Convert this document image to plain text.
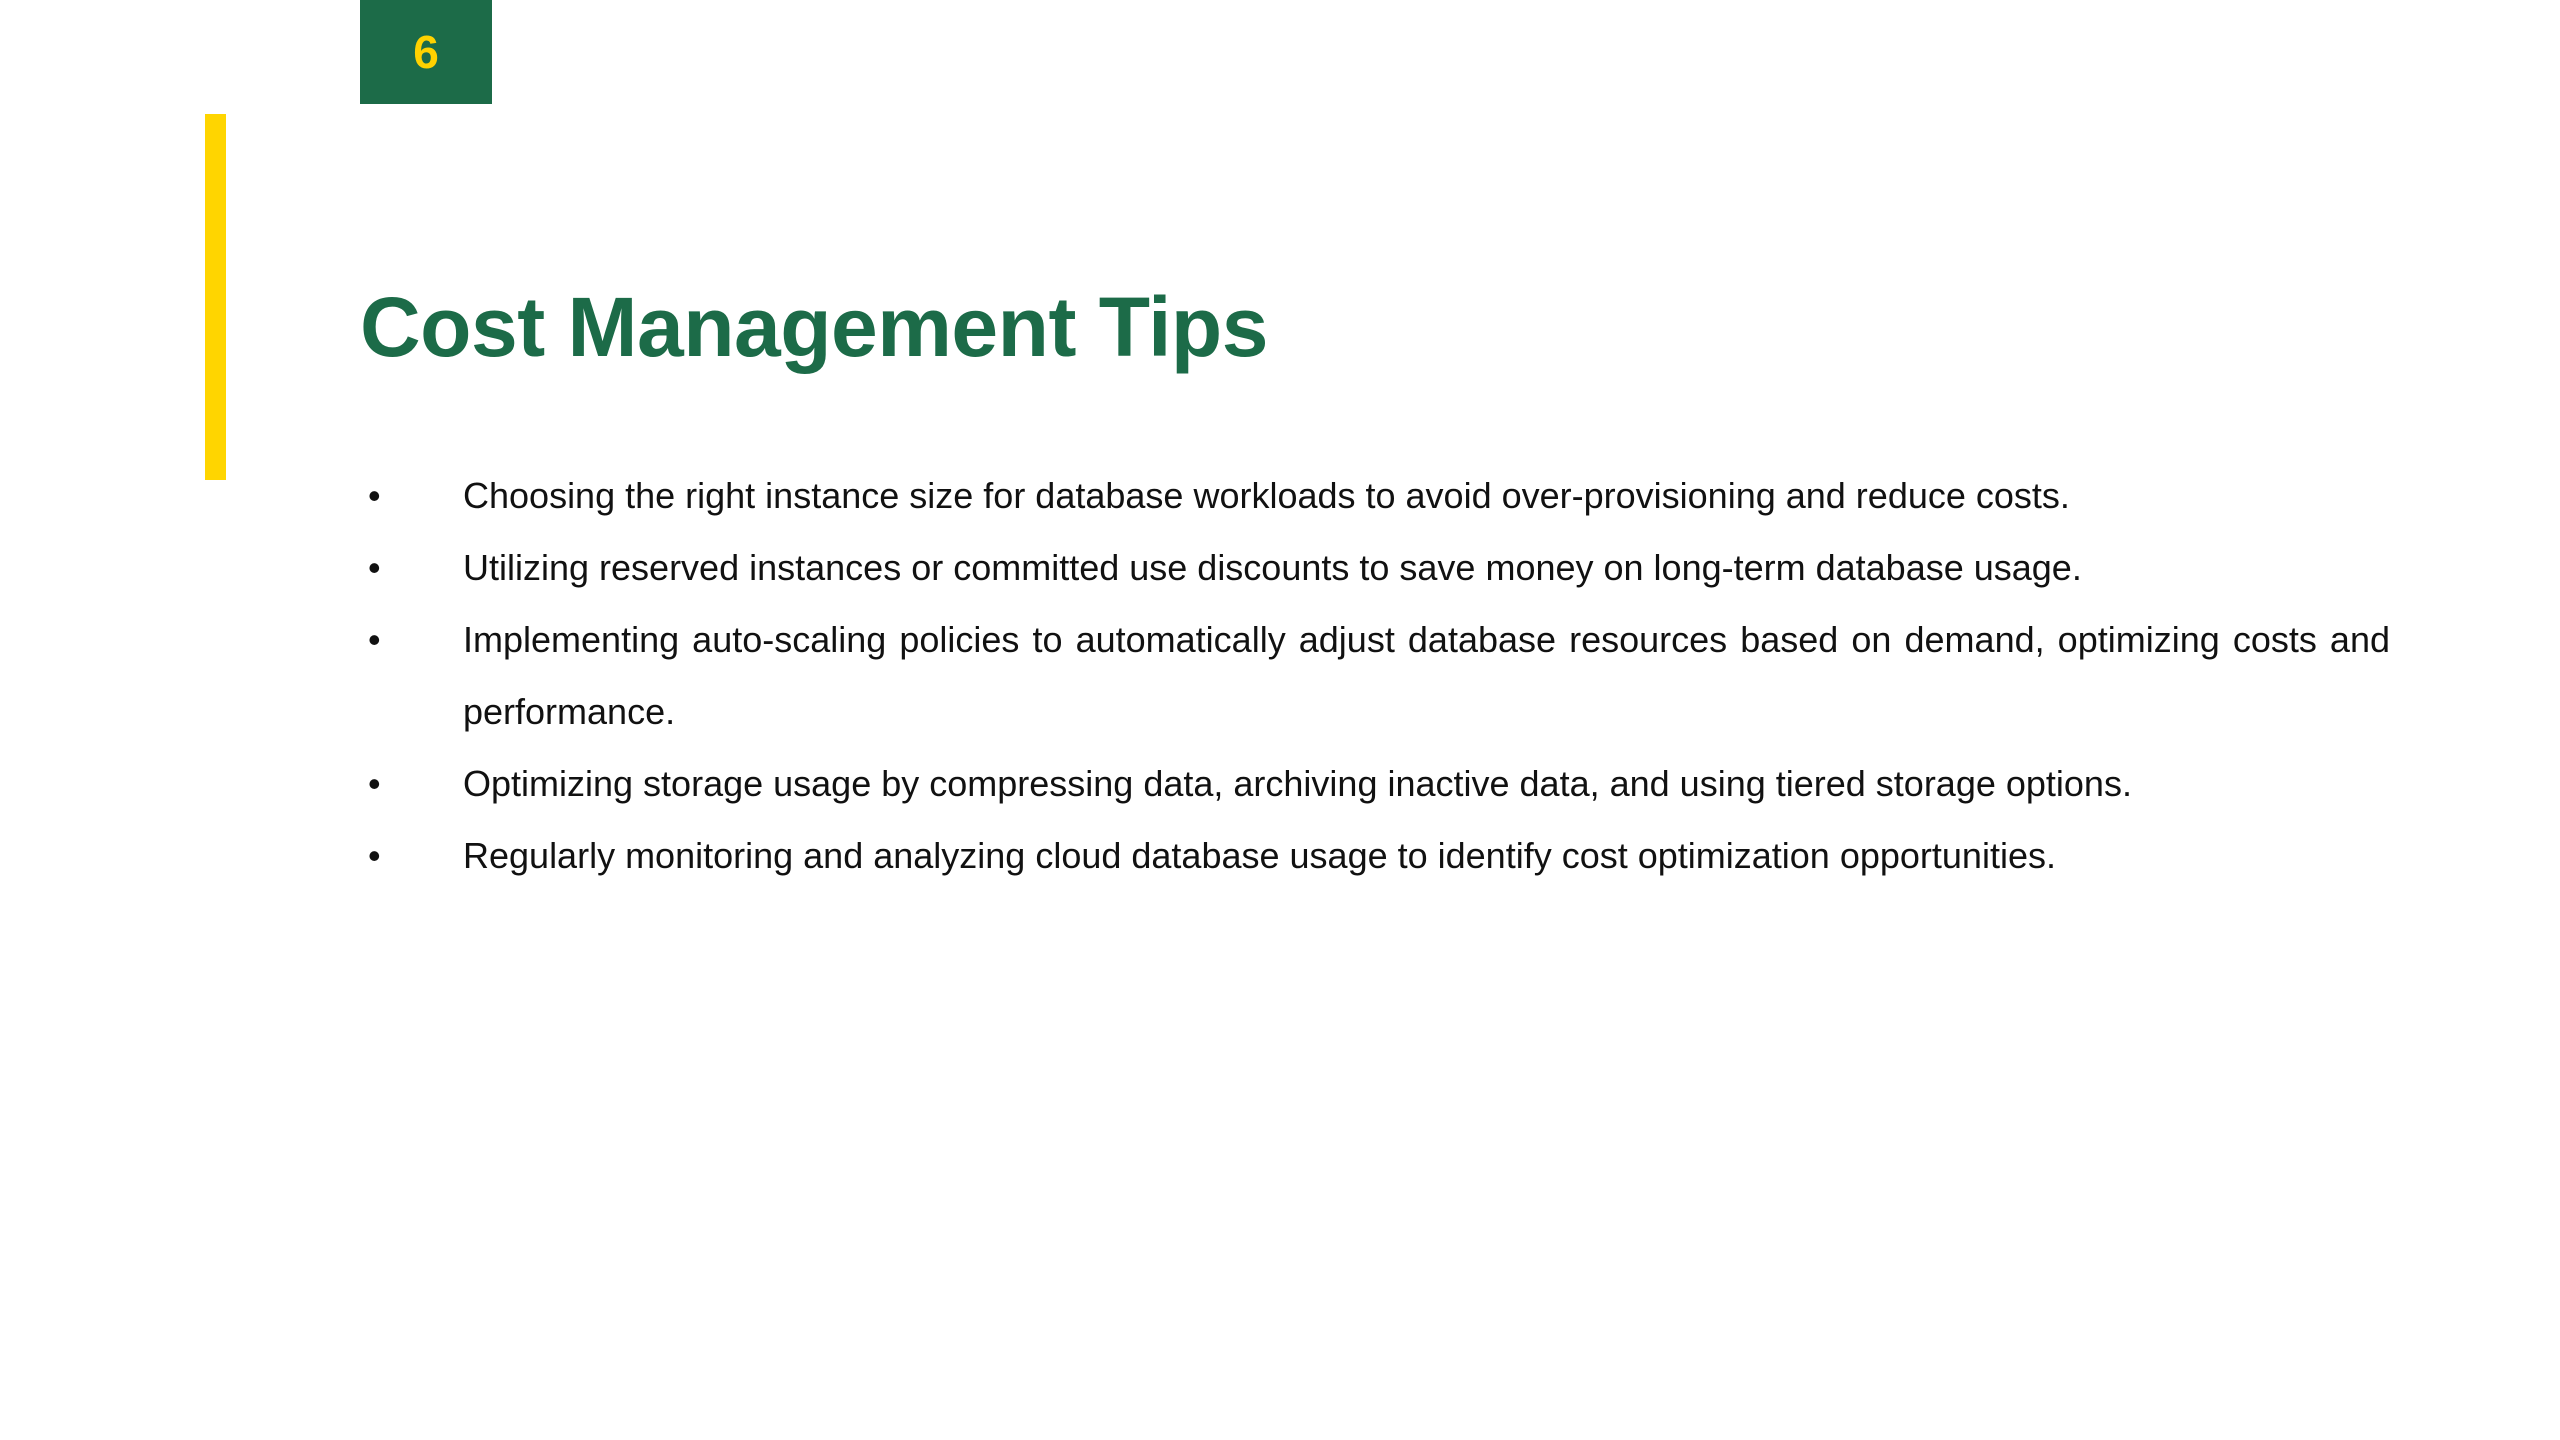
6
Cost Management Tips
•	Choosing the right instance size for database workloads to avoid over-provisioning and reduce costs.
•	Utilizing reserved instances or committed use discounts to save money on long-term database usage.
•	Implementing auto-scaling policies to automatically adjust database resources based on demand, optimizing costs and performance.
•	Optimizing storage usage by compressing data, archiving inactive data, and using tiered storage options.
•	Regularly monitoring and analyzing cloud database usage to identify cost optimization opportunities.
